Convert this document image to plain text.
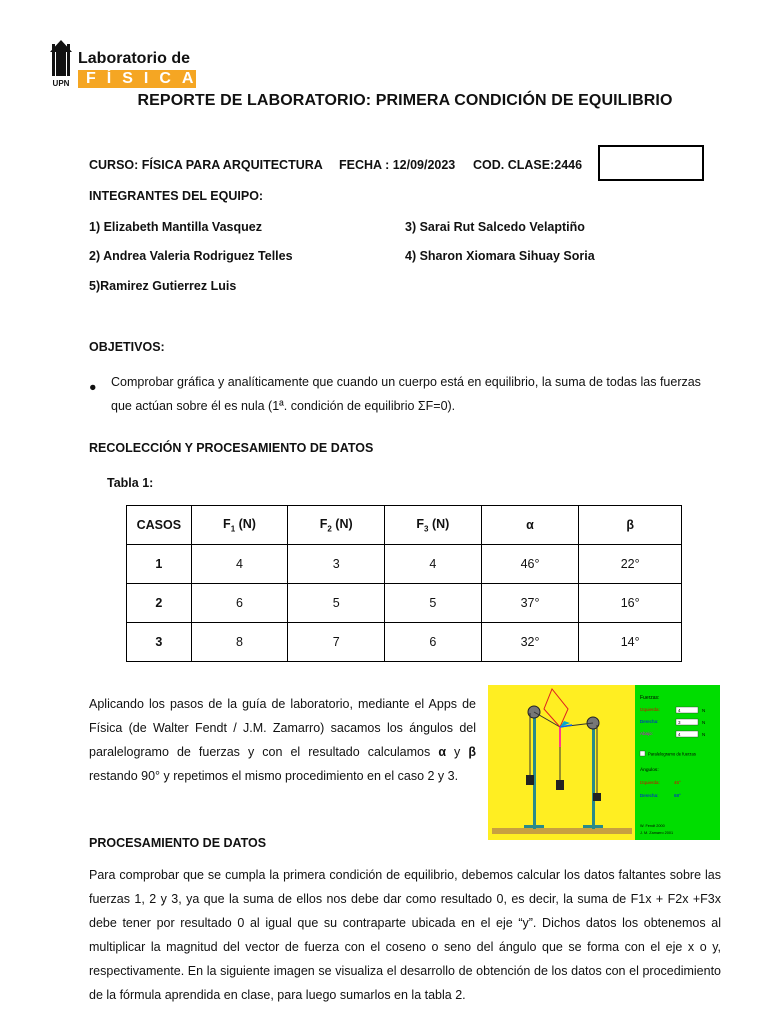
UPN
Laboratorio de
FÍSICA
REPORTE DE LABORATORIO: PRIMERA CONDICIÓN DE EQUILIBRIO
CURSO: FÍSICA PARA ARQUITECTURA FECHA : 12/09/2023 COD. CLASE:2446
INTEGRANTES DEL EQUIPO:
1) Elizabeth Mantilla Vasquez	3) Sarai Rut Salcedo Velaptiño
2) Andrea Valeria Rodriguez Telles	4) Sharon Xiomara Sihuay Soria
5)Ramirez Gutierrez Luis
OBJETIVOS:
● Comprobar gráfica y analíticamente que cuando un cuerpo está en equilibrio, la suma de todas las fuerzas que actúan sobre él es nula (1ª. condición de equilibrio ΣF=0).
RECOLECCIÓN Y PROCESAMIENTO DE DATOS
Tabla 1:
CASOS	$F_1$ (N)	$F_2$ (N)	$F_3$ (N)	α	β
1	4	3	4	46°	22°
2	6	5	5	37°	16°
3	8	7	6	32°	14°
Aplicando los pasos de la guía de laboratorio, mediante el Apps de Física (de Walter Fendt / J.M. Zamarro) sacamos los ángulos del paralelogramo de fuerzas y con el resultado calculamos α y β restando 90° y repetimos el mismo procedimiento en el caso 2 y 3.
Fuerzas:
Izquierda:	4	N
Derecha:	3	N
Abajo:	4	N
Paralelogramo de fuerzas
Ángulos:
Izquierda:	46°
Derecha:	68°
W. Fendt 2000
J. M. Zamarro 2001
PROCESAMIENTO DE DATOS
Para comprobar que se cumpla la primera condición de equilibrio, debemos calcular los datos faltantes sobre las fuerzas 1, 2 y 3, ya que la suma de ellos nos debe dar como resultado 0, es decir, la suma de F1x + F2x +F3x debe tener por resultado 0 al igual que su contraparte ubicada en el eje “y”. Dichos datos los obtenemos al multiplicar la magnitud del vector de fuerza con el coseno o seno del ángulo que se forma con el eje x o y, respectivamente. En la siguiente imagen se visualiza el desarrollo de obtención de los datos con el procedimiento de la fórmula aprendida en clase, para luego sumarlos en la tabla 2.
